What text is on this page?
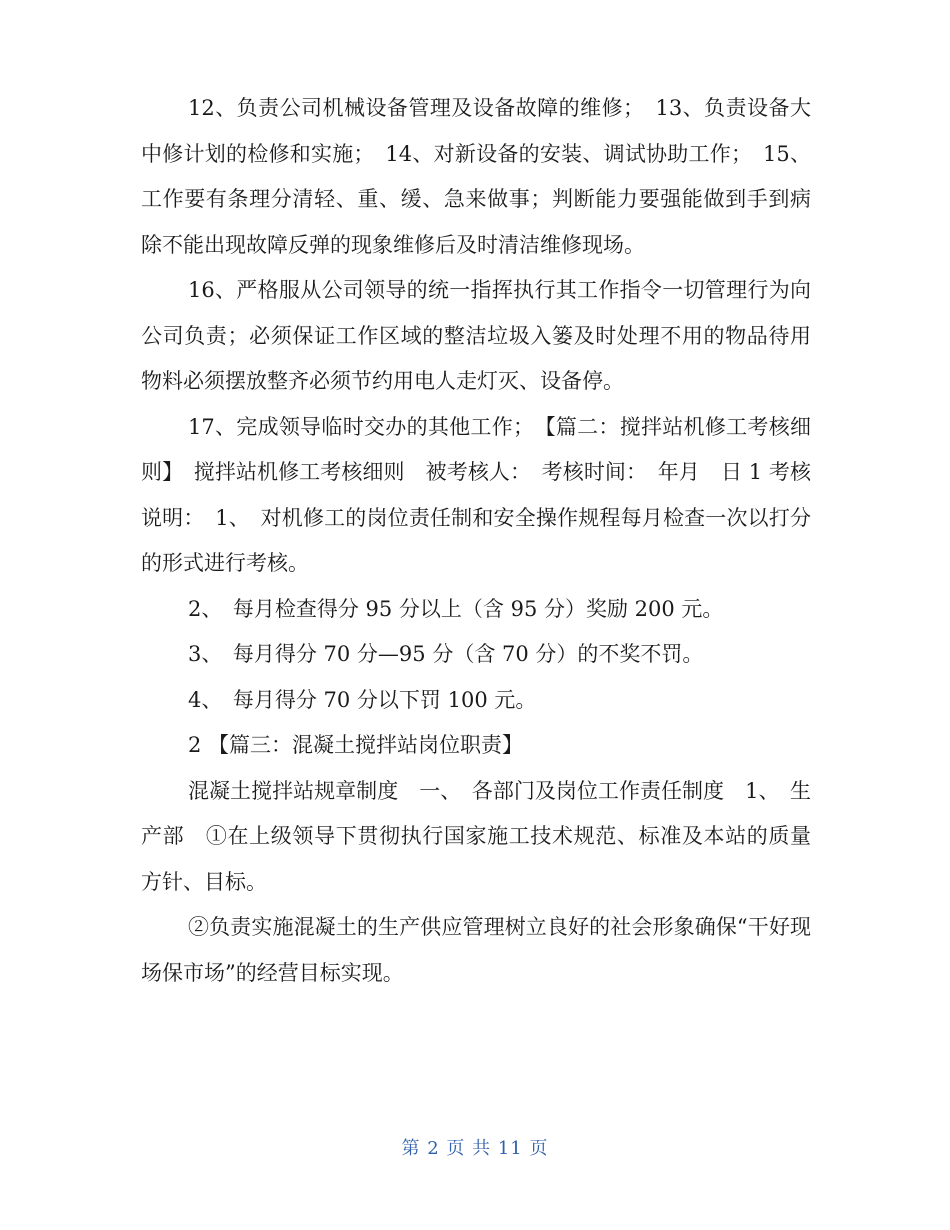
12、负责公司机械设备管理及设备故障的维修；　13、负责设备大中修计划的检修和实施；　14、对新设备的安装、调试协助工作；　15、工作要有条理分清轻、重、缓、急来做事；判断能力要强能做到手到病除不能出现故障反弹的现象维修后及时清洁维修现场。

16、严格服从公司领导的统一指挥执行其工作指令一切管理行为向公司负责；必须保证工作区域的整洁垃圾入篓及时处理不用的物品待用物料必须摆放整齐必须节约用电人走灯灭、设备停。

17、完成领导临时交办的其他工作；　【篇二：搅拌站机修工考核细则】　搅拌站机修工考核细则　被考核人：　考核时间：　年月　日 1 考核说明：　1、　对机修工的岗位责任制和安全操作规程每月检查一次以打分的形式进行考核。

2、　每月检查得分 95 分以上（含 95 分）奖励 200 元。

3、　每月得分 70 分—95 分（含 70 分）的不奖不罚。

4、　每月得分 70 分以下罚 100 元。

2 【篇三：混凝土搅拌站岗位职责】

混凝土搅拌站规章制度　一、　各部门及岗位工作责任制度　1、　生产部　①在上级领导下贯彻执行国家施工技术规范、标准及本站的质量方针、目标。

②负责实施混凝土的生产供应管理树立良好的社会形象确保“干好现场保市场”的经营目标实现。

第 2 页 共 11 页
